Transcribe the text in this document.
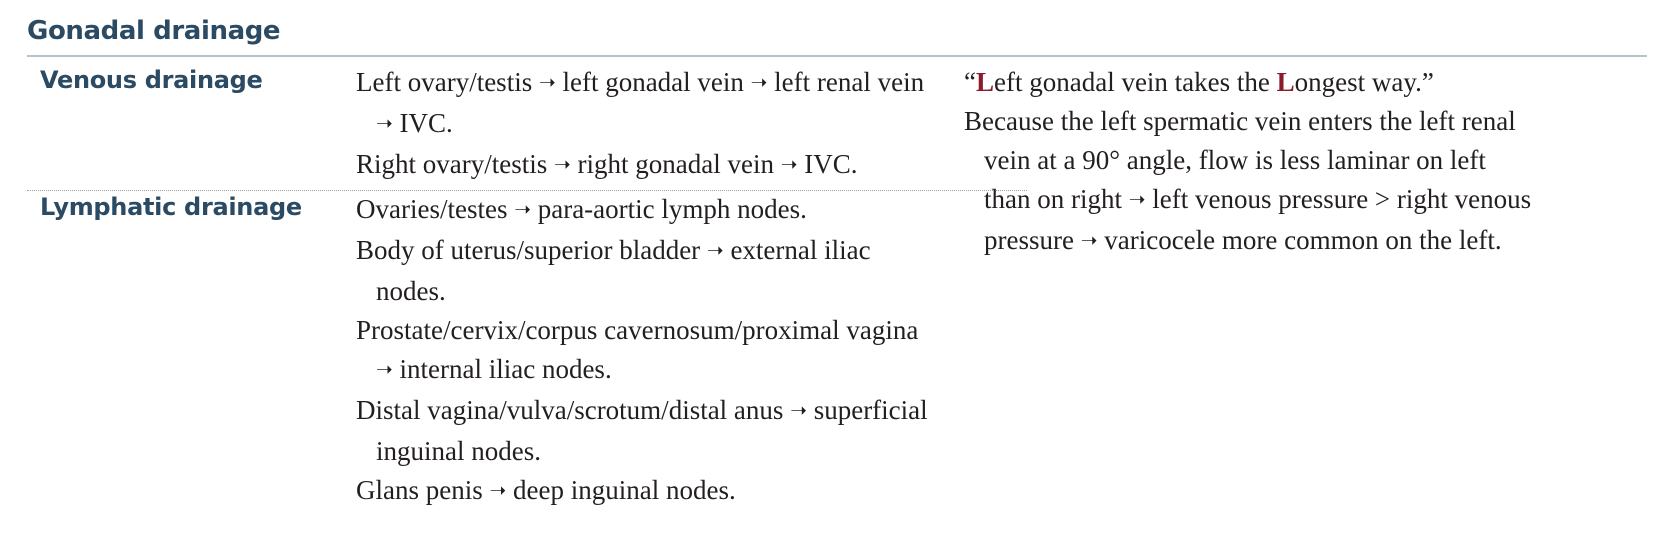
Gonadal drainage
Venous drainage	Left ovary/testis ➝ left gonadal vein ➝ left renal vein ➝ IVC.

Right ovary/testis ➝ right gonadal vein ➝ IVC.

Lymphatic drainage Ovaries/testes ➝ para-aortic lymph nodes.

Body of uterus/superior bladder ➝ external iliac nodes.

Prostate/cervix/corpus cavernosum/proximal vagina ➝ internal iliac nodes.

Distal vagina/vulva/scrotum/distal anus ➝ superficial inguinal nodes.

Glans penis ➝ deep inguinal nodes.

“Left gonadal vein takes the Longest way.”

Because the left spermatic vein enters the left renal vein at a 90° angle, flow is less laminar on left than on right ➝ left venous pressure > right venous pressure ➝ varicocele more common on the left.
